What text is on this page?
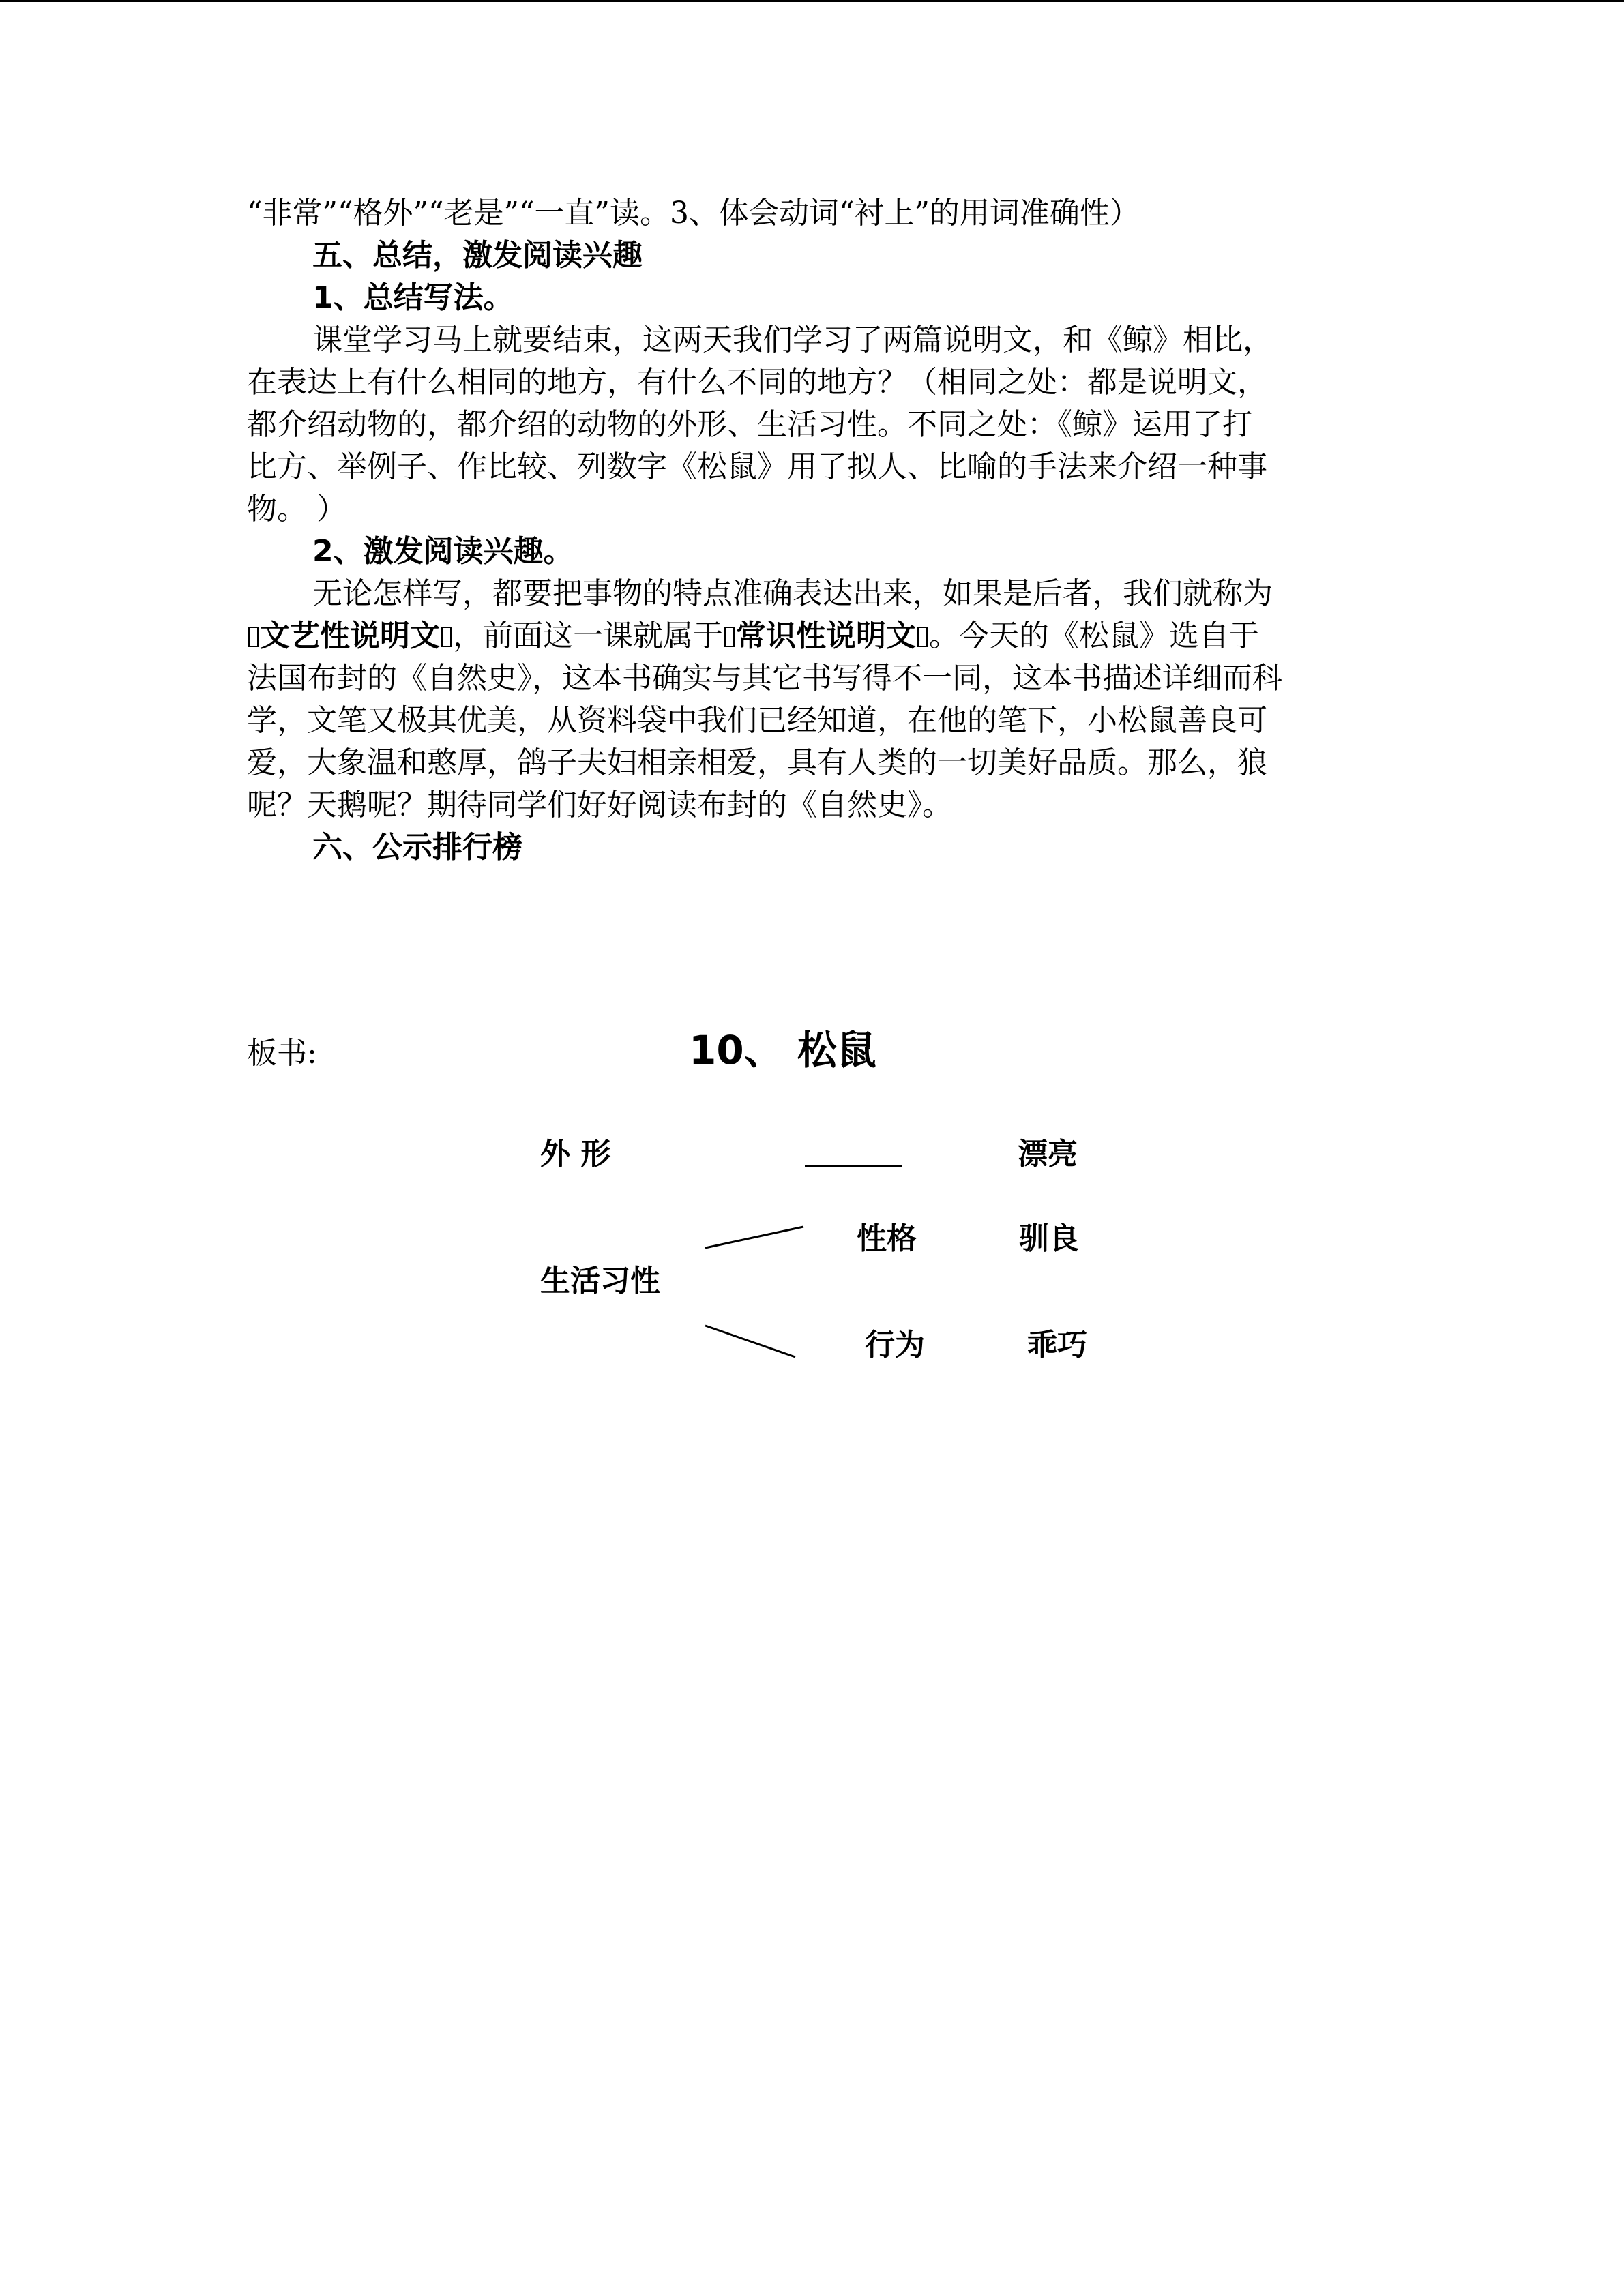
“非常”“格外”“老是”“一直”读。3、体会动词“衬上”的用词准确性）
五、总结，激发阅读兴趣
1、总结写法。
课堂学习马上就要结束，这两天我们学习了两篇说明文，和《鲸》相比，
在表达上有什么相同的地方，有什么不同的地方？（相同之处：都是说明文，
都介绍动物的，都介绍的动物的外形、生活习性。不同之处：《鲸》运用了打
比方、举例子、作比较、列数字《松鼠》用了拟人、比喻的手法来介绍一种事
物。 ）
2、激发阅读兴趣。
无论怎样写，都要把事物的特点准确表达出来，如果是后者，我们就称为
文艺性说明文 ，前面这一课就属于 常识性说明文 。今天的《松鼠》选自于
法国布封的《自然史》，这本书确实与其它书写得不一同，这本书描述详细而科
学，文笔又极其优美，从资料袋中我们已经知道，在他的笔下，小松鼠善良可
爱，大象温和憨厚，鸽子夫妇相亲相爱，具有人类的一切美好品质。那么，狼
呢？天鹅呢？期待同学们好好阅读布封的《自然史》。
六、公示排行榜
板书:	10、 松鼠
外 形	漂亮
性格	驯良
生活习性
行为	乖巧
